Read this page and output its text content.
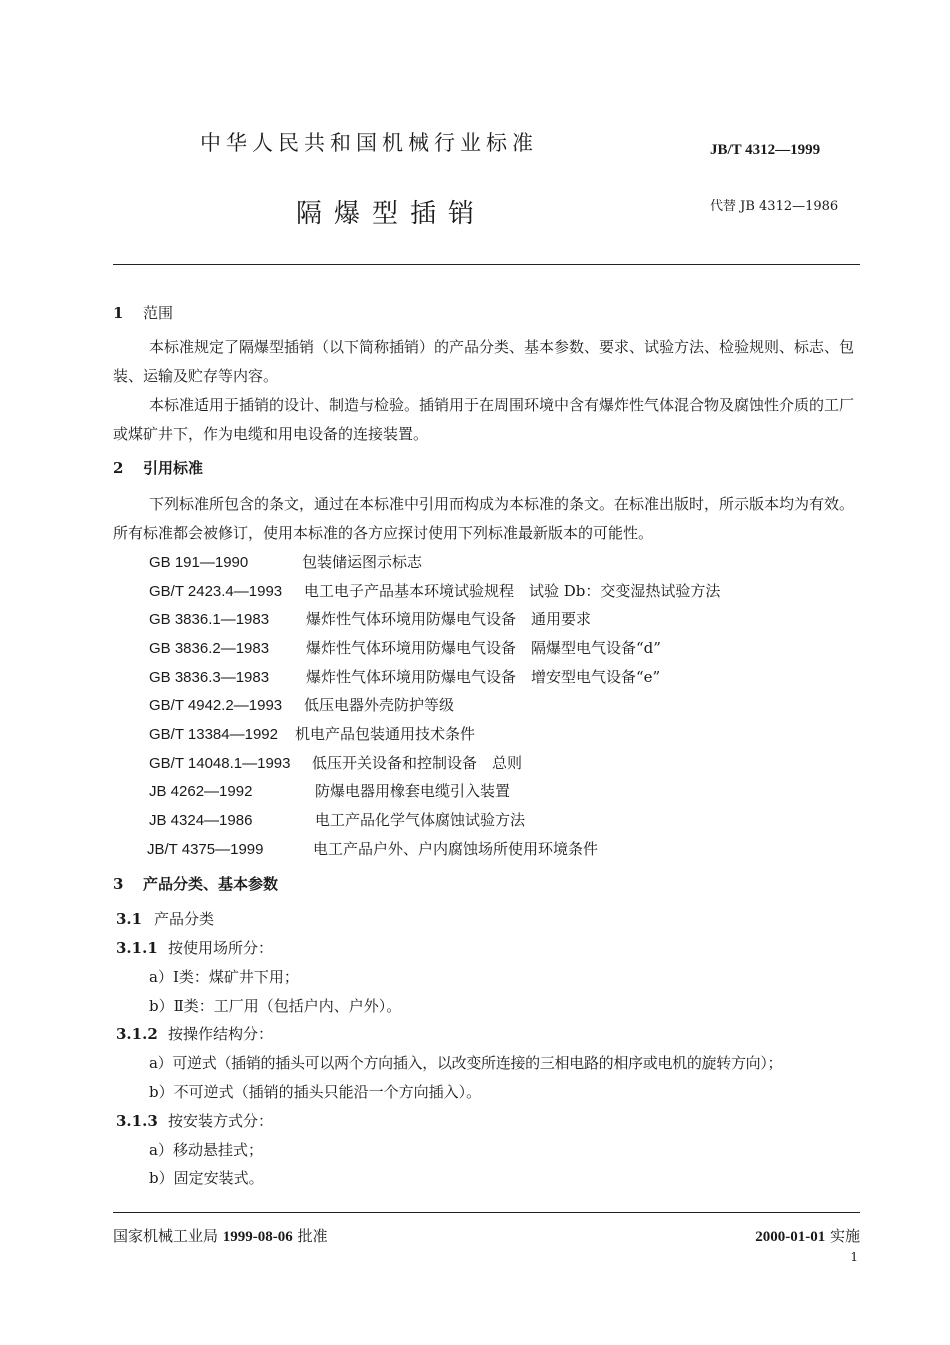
中华人民共和国机械行业标准	JB/T 4312—1999
隔爆型插销	代替 JB 4312—1986
1 范围
本标准规定了隔爆型插销（以下简称插销）的产品分类、基本参数、要求、试验方法、检验规则、标志、包装、运输及贮存等内容。
本标准适用于插销的设计、制造与检验。插销用于在周围环境中含有爆炸性气体混合物及腐蚀性介质的工厂或煤矿井下，作为电缆和用电设备的连接装置。
2 引用标准
下列标准所包含的条文，通过在本标准中引用而构成为本标准的条文。在标准出版时，所示版本均为有效。所有标准都会被修订，使用本标准的各方应探讨使用下列标准最新版本的可能性。
GB 191—1990	包装储运图示标志
GB/T 2423.4—1993 电工电子产品基本环境试验规程　试验 Db：交变湿热试验方法
GB 3836.1—1983 爆炸性气体环境用防爆电气设备　通用要求
GB 3836.2—1983 爆炸性气体环境用防爆电气设备　隔爆型电气设备“d”
GB 3836.3—1983 爆炸性气体环境用防爆电气设备　增安型电气设备“e”
GB/T 4942.2—1993 低压电器外壳防护等级
GB/T 13384—1992 机电产品包装通用技术条件
GB/T 14048.1—1993 低压开关设备和控制设备　总则
JB 4262—1992	防爆电器用橡套电缆引入装置
JB 4324—1986	电工产品化学气体腐蚀试验方法
JB/T 4375—1999	电工产品户外、户内腐蚀场所使用环境条件
3 产品分类、基本参数
3.1 产品分类
3.1.1 按使用场所分：
a）Ⅰ类：煤矿井下用；
b）Ⅱ类：工厂用（包括户内、户外）。
3.1.2 按操作结构分：
a）可逆式（插销的插头可以两个方向插入，以改变所连接的三相电路的相序或电机的旋转方向）；
b）不可逆式（插销的插头只能沿一个方向插入）。
3.1.3 按安装方式分：
a）移动悬挂式；
b）固定安装式。
国家机械工业局 1999-08-06 批准	2000-01-01 实施
1
